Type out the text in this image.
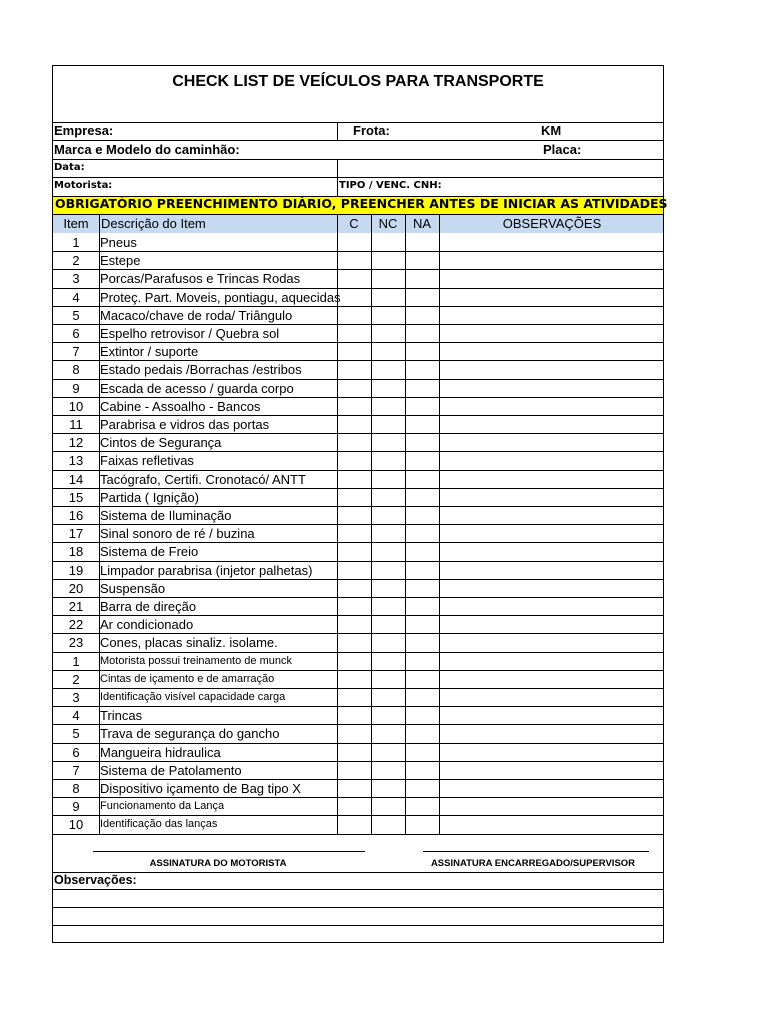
CHECK LIST DE VEÍCULOS PARA TRANSPORTE
Empresa:	Frota:	KM
Marca e Modelo do caminhão:	Placa:
Data:
Motorista:	TIPO / VENC. CNH:
OBRIGATÓRIO PREENCHIMENTO DIÁRIO, PREENCHER ANTES DE INICIAR AS ATIVIDADES
Item Descrição do Item	C	NC	NA	OBSERVAÇÕES
1	Pneus
2	Estepe
3	Porcas/Parafusos e Trincas Rodas
4	Proteç. Part. Moveis, pontiagu, aquecidas
5	Macaco/chave de roda/ Triângulo
6	Espelho retrovisor / Quebra sol
7	Extintor / suporte
8	Estado pedais /Borrachas /estribos
9	Escada de acesso / guarda corpo
10	Cabine - Assoalho - Bancos
11	Parabrisa e vidros das portas
12	Cintos de Segurança
13	Faixas refletivas
14	Tacógrafo, Certifi. Cronotacó/ ANTT
15	Partida ( Ignição)
16	Sistema de Iluminação
17	Sinal sonoro de ré / buzina
18	Sistema de Freio
19	Limpador parabrisa (injetor palhetas)
20	Suspensão
21	Barra de direção
22	Ar condicionado
23	Cones, placas sinaliz. isolame.
1	Motorista possui treinamento de munck
2	Cintas de içamento e de amarração
3	Identificação visível capacidade carga
4	Trincas
5	Trava de segurança do gancho
6	Mangueira hidraulica
7	Sistema de Patolamento
8	Dispositivo içamento de Bag tipo X
9	Funcionamento da Lança
10	Identificação das lanças
ASSINATURA DO MOTORISTA	ASSINATURA ENCARREGADO/SUPERVISOR
Observações:
